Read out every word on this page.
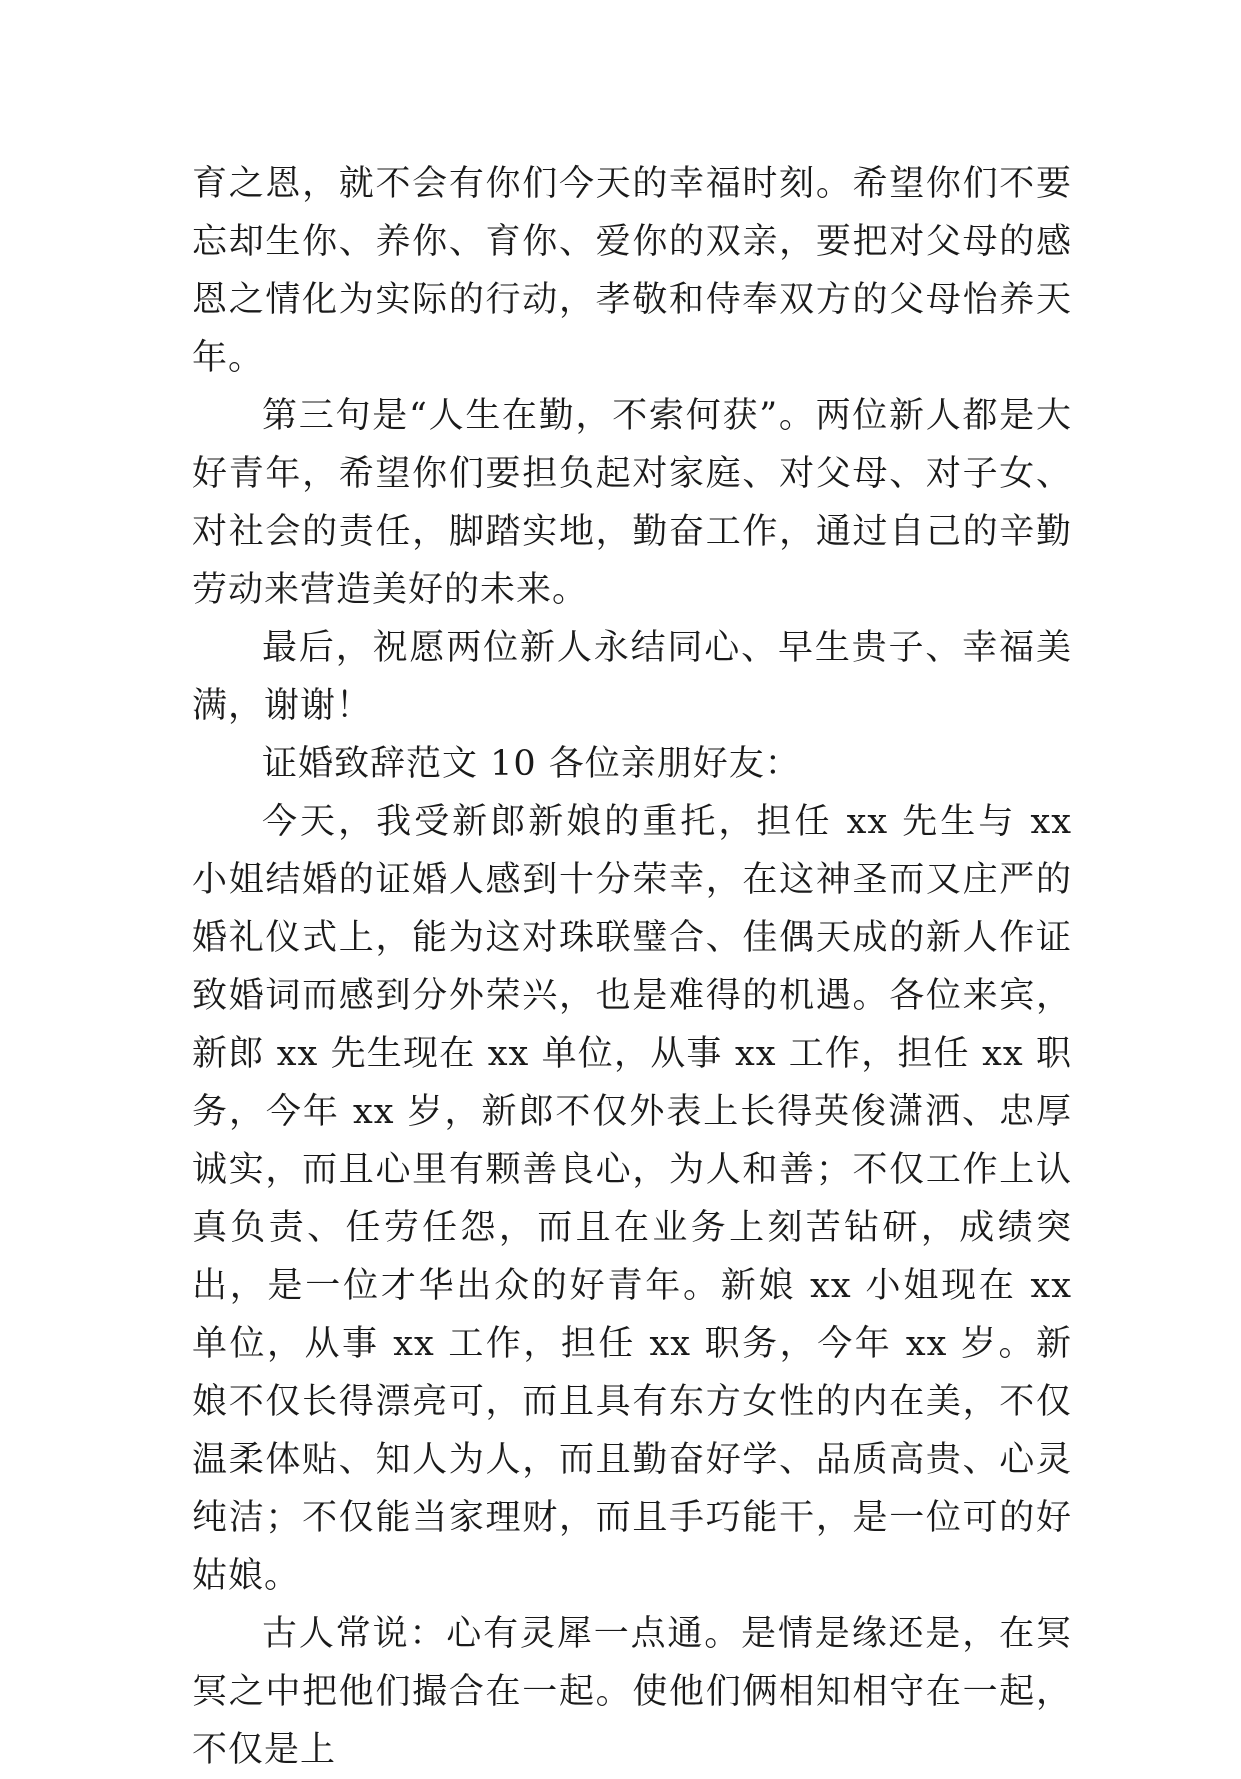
育之恩，就不会有你们今天的幸福时刻。希望你们不要忘却生你、养你、育你、爱你的双亲，要把对父母的感恩之情化为实际的行动，孝敬和侍奉双方的父母怡养天年。

第三句是“人生在勤，不索何获”。两位新人都是大好青年，希望你们要担负起对家庭、对父母、对子女、对社会的责任，脚踏实地，勤奋工作，通过自己的辛勤劳动来营造美好的未来。

最后，祝愿两位新人永结同心、早生贵子、幸福美满，谢谢！

证婚致辞范文 10 各位亲朋好友：

今天，我受新郎新娘的重托，担任 xx 先生与 xx 小姐结婚的证婚人感到十分荣幸，在这神圣而又庄严的婚礼仪式上，能为这对珠联璧合、佳偶天成的新人作证致婚词而感到分外荣兴，也是难得的机遇。各位来宾，新郎 xx 先生现在 xx 单位，从事 xx 工作，担任 xx 职务，今年 xx 岁，新郎不仅外表上长得英俊潇洒、忠厚诚实，而且心里有颗善良心，为人和善；不仅工作上认真负责、任劳任怨，而且在业务上刻苦钻研，成绩突出，是一位才华出众的好青年。新娘 xx 小姐现在 xx 单位，从事 xx 工作，担任 xx 职务，今年 xx 岁。新娘不仅长得漂亮可，而且具有东方女性的内在美，不仅温柔体贴、知人为人，而且勤奋好学、品质高贵、心灵纯洁；不仅能当家理财，而且手巧能干，是一位可的好姑娘。

古人常说：心有灵犀一点通。是情是缘还是，在冥冥之中把他们撮合在一起。使他们俩相知相守在一起，不仅是上
